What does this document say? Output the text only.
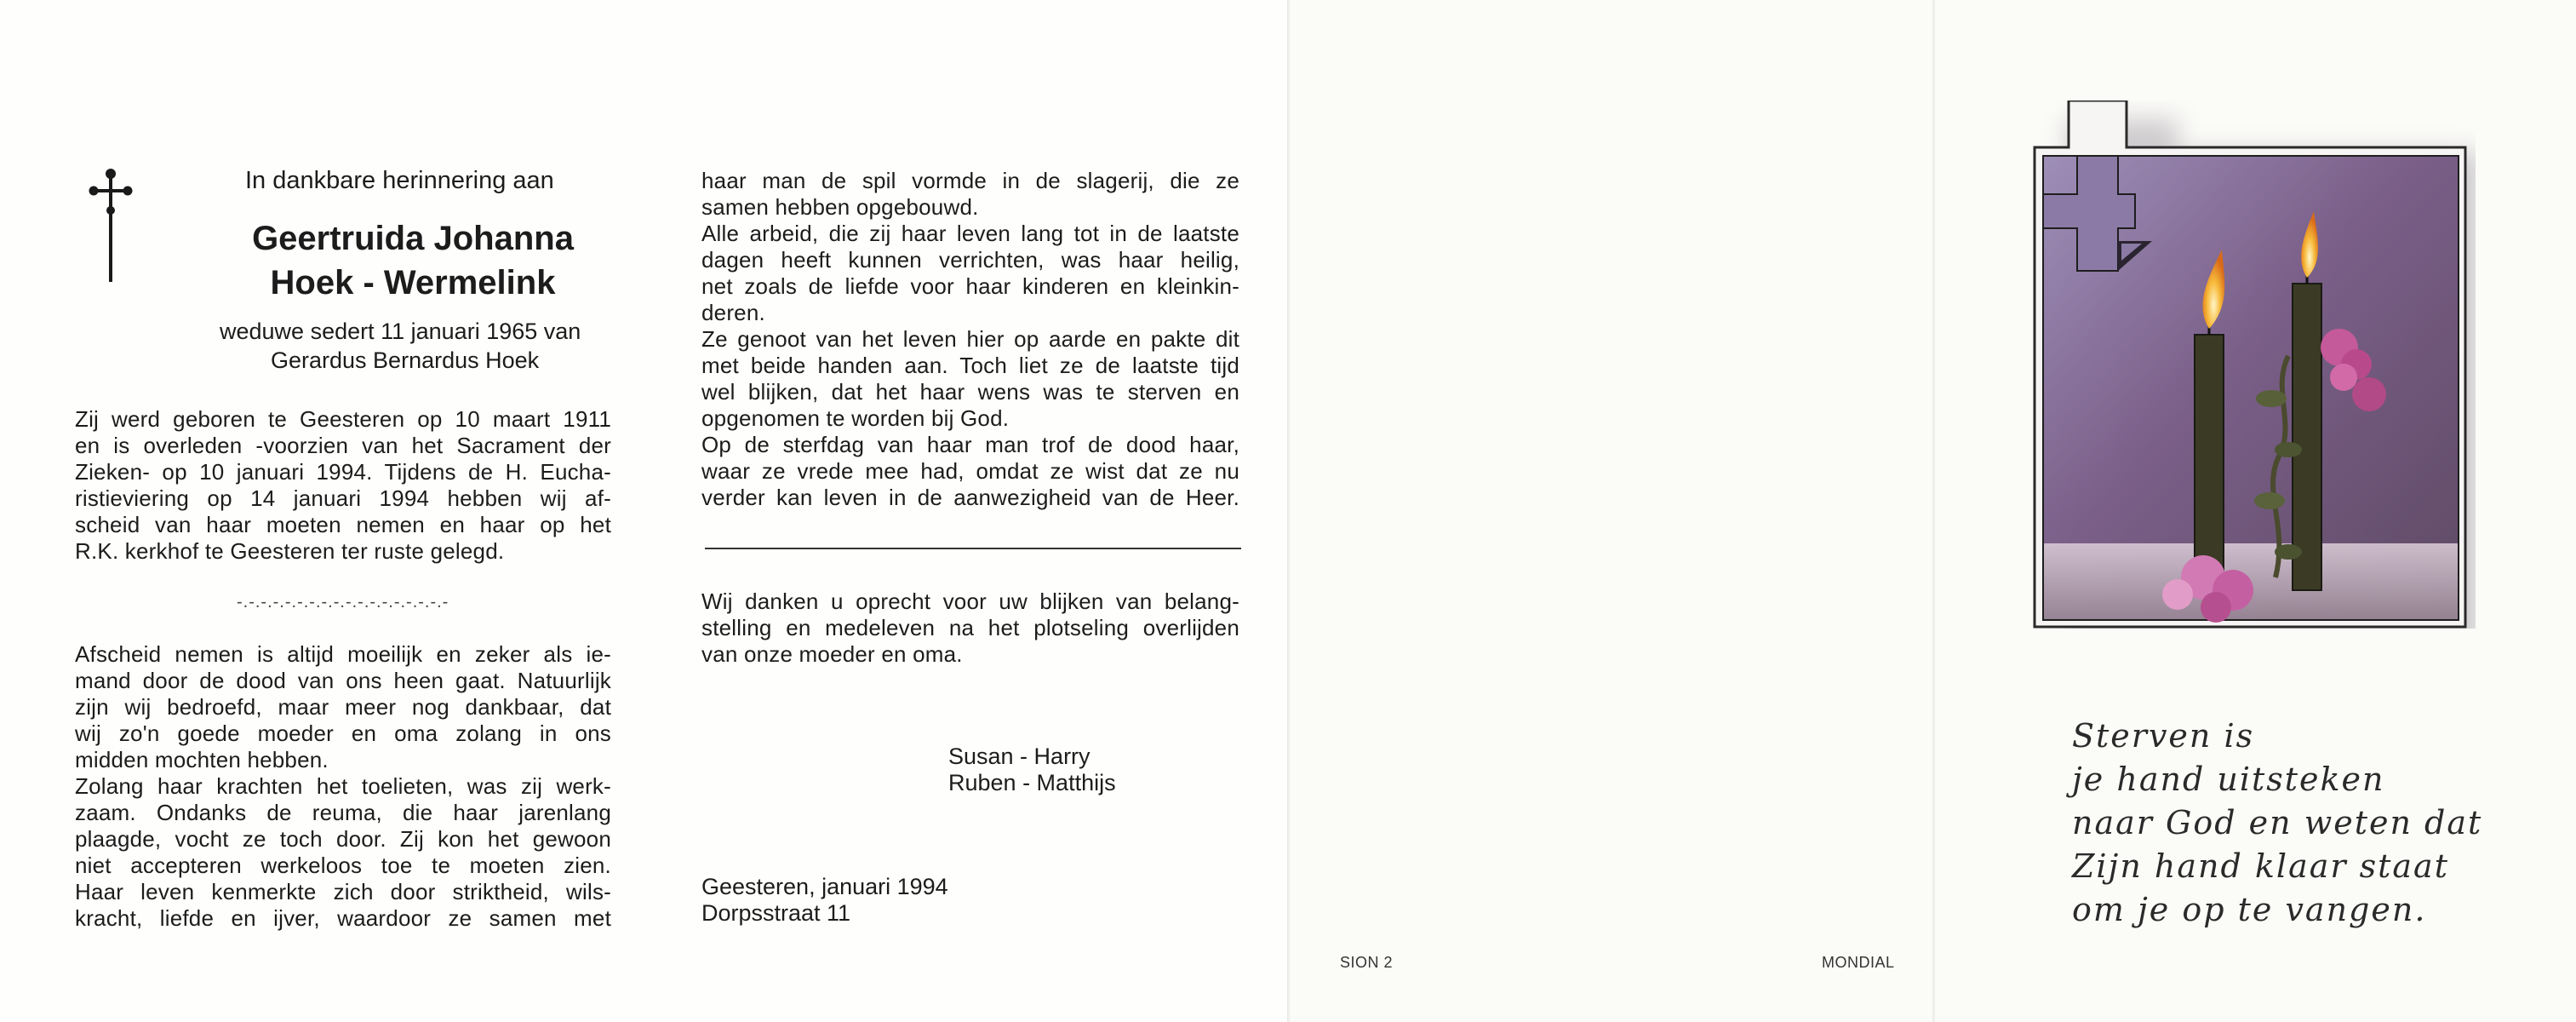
In dankbare herinnering aan
Geertruida Johanna
Hoek - Wermelink
weduwe sedert 11 januari 1965 van
Gerardus Bernardus Hoek
Zij werd geboren te Geesteren op 10 maart 1911
en is overleden -voorzien van het Sacrament der
Zieken- op 10 januari 1994. Tijdens de H. Eucha-
ristieviering op 14 januari 1994 hebben wij af-
scheid van haar moeten nemen en haar op het
R.K. kerkhof te Geesteren ter ruste gelegd.
-.-.-.-.-.-.-.-.-.-.-.-.-.-.-.-.-.-
Afscheid nemen is altijd moeilijk en zeker als ie-
mand door de dood van ons heen gaat. Natuurlijk
zijn wij bedroefd, maar meer nog dankbaar, dat
wij zo'n goede moeder en oma zolang in ons
midden mochten hebben.
Zolang haar krachten het toelieten, was zij werk-
zaam. Ondanks de reuma, die haar jarenlang
plaagde, vocht ze toch door. Zij kon het gewoon
niet accepteren werkeloos toe te moeten zien.
Haar leven kenmerkte zich door striktheid, wils-
kracht, liefde en ijver, waardoor ze samen met
haar man de spil vormde in de slagerij, die ze
samen hebben opgebouwd.
Alle arbeid, die zij haar leven lang tot in de laatste
dagen heeft kunnen verrichten, was haar heilig,
net zoals de liefde voor haar kinderen en kleinkin-
deren.
Ze genoot van het leven hier op aarde en pakte dit
met beide handen aan. Toch liet ze de laatste tijd
wel blijken, dat het haar wens was te sterven en
opgenomen te worden bij God.
Op de sterfdag van haar man trof de dood haar,
waar ze vrede mee had, omdat ze wist dat ze nu
verder kan leven in de aanwezigheid van de Heer.
Wij danken u oprecht voor uw blijken van belang-
stelling en medeleven na het plotseling overlijden
van onze moeder en oma.
Susan - Harry
Ruben - Matthijs
Geesteren, januari 1994
Dorpsstraat 11
SION 2	MONDIAL
Sterven is
je hand uitsteken
naar God en weten dat
Zijn hand klaar staat
om je op te vangen.
